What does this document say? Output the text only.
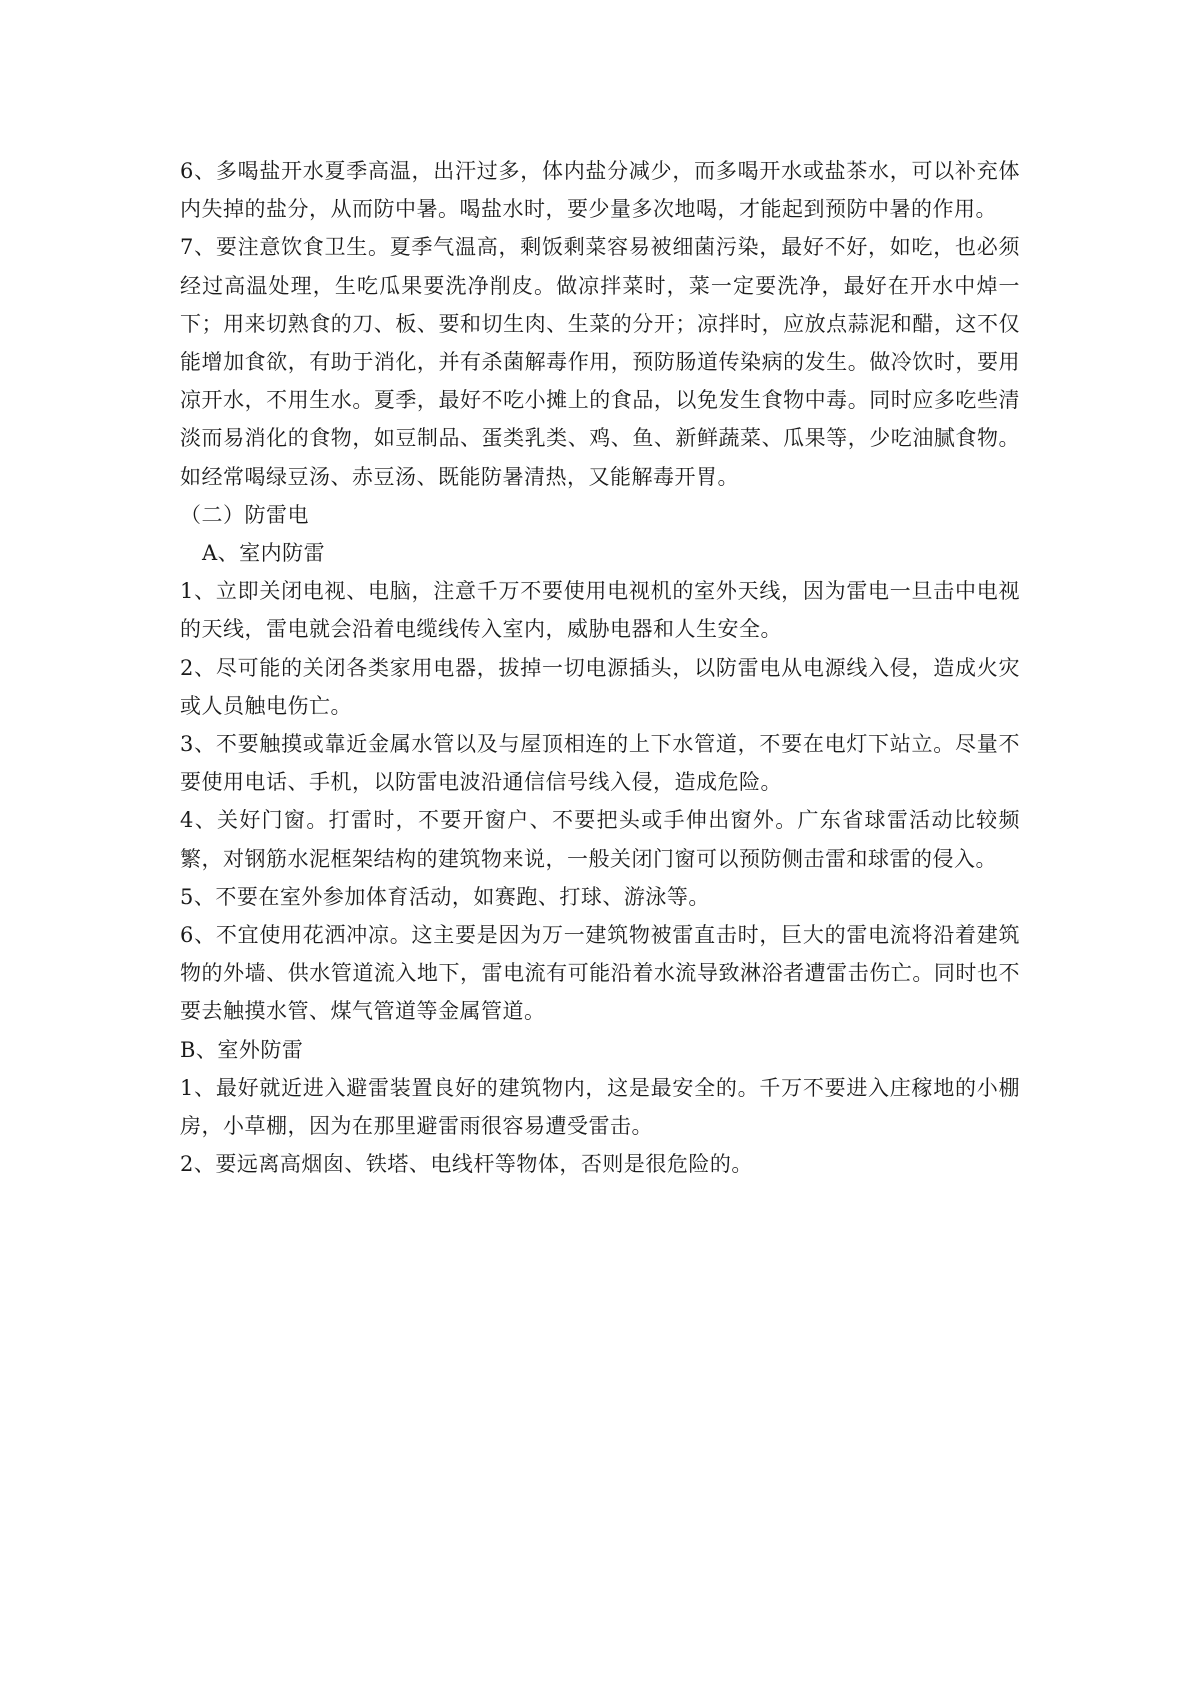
6、多喝盐开水夏季高温，出汗过多，体内盐分减少，而多喝开水或盐茶水，可以补充体内失掉的盐分，从而防中暑。喝盐水时，要少量多次地喝，才能起到预防中暑的作用。

7、要注意饮食卫生。夏季气温高，剩饭剩菜容易被细菌污染，最好不好，如吃，也必须经过高温处理，生吃瓜果要洗净削皮。做凉拌菜时，菜一定要洗净，最好在开水中焯一下；用来切熟食的刀、板、要和切生肉、生菜的分开；凉拌时，应放点蒜泥和醋，这不仅能增加食欲，有助于消化，并有杀菌解毒作用，预防肠道传染病的发生。做冷饮时，要用凉开水，不用生水。夏季，最好不吃小摊上的食品，以免发生食物中毒。同时应多吃些清淡而易消化的食物，如豆制品、蛋类乳类、鸡、鱼、新鲜蔬菜、瓜果等，少吃油腻食物。如经常喝绿豆汤、赤豆汤、既能防暑清热，又能解毒开胃。

（二）防雷电

A、室内防雷

1、立即关闭电视、电脑，注意千万不要使用电视机的室外天线，因为雷电一旦击中电视的天线，雷电就会沿着电缆线传入室内，威胁电器和人生安全。

2、尽可能的关闭各类家用电器，拔掉一切电源插头，以防雷电从电源线入侵，造成火灾或人员触电伤亡。

3、不要触摸或靠近金属水管以及与屋顶相连的上下水管道，不要在电灯下站立。尽量不要使用电话、手机，以防雷电波沿通信信号线入侵，造成危险。

4、关好门窗。打雷时，不要开窗户、不要把头或手伸出窗外。广东省球雷活动比较频繁，对钢筋水泥框架结构的建筑物来说，一般关闭门窗可以预防侧击雷和球雷的侵入。

5、不要在室外参加体育活动，如赛跑、打球、游泳等。

6、不宜使用花洒冲凉。这主要是因为万一建筑物被雷直击时，巨大的雷电流将沿着建筑物的外墙、供水管道流入地下，雷电流有可能沿着水流导致淋浴者遭雷击伤亡。同时也不要去触摸水管、煤气管道等金属管道。

B、室外防雷

1、最好就近进入避雷装置良好的建筑物内，这是最安全的。千万不要进入庄稼地的小棚房，小草棚，因为在那里避雷雨很容易遭受雷击。

2、要远离高烟囱、铁塔、电线杆等物体，否则是很危险的。
